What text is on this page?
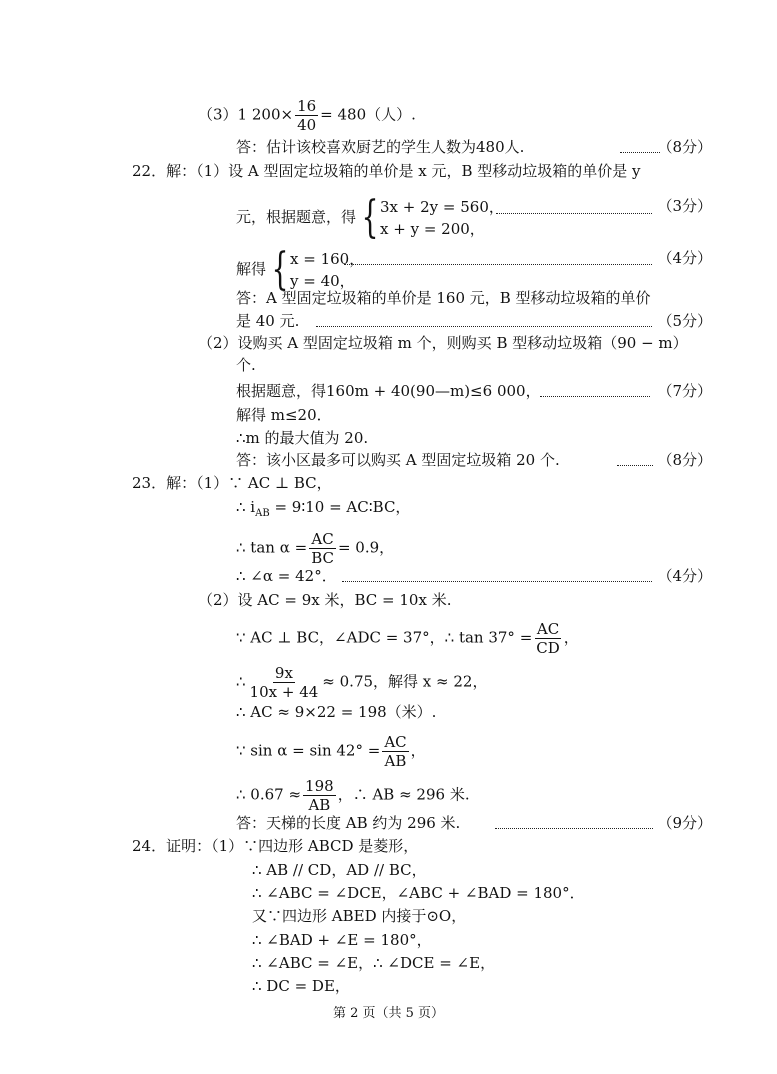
（3）1 $200\times \frac{16}{40} = 480$（人）.
答：估计该校喜欢厨艺的学生人数为480人.	（8分）
22．解：（1）设 A 型固定垃圾箱的单价是 x 元，B 型移动垃圾箱的单价是 y
元，根据题意，得 { 3x + 2y = 560，
x + y = 200，
（3分）
解得 { x = 160，
y = 40，
（4分）
答：A 型固定垃圾箱的单价是 160 元，B 型移动垃圾箱的单价
是 40 元.	（5分）
（2）设购买 A 型固定垃圾箱 m 个，则购买 B 型移动垃圾箱（90 − m）
个.
根据题意，得160m + 40(90—m)≤6 000，	（7分）
解得 m≤20．
∴m 的最大值为 20.
答：该小区最多可以购买 A 型固定垃圾箱 20 个.	（8分）
23．解：（1）∵ AC ⊥ BC，
∴ $i_{AB}$ = 9∶10 = AC∶BC，
∴ $\tan \alpha = \frac{AC}{BC} = 0.9$，
∴ ∠α = 42°．	（4分）
（2）设 AC = 9x 米，BC = 10x 米.
∵ AC ⊥ BC，∠ADC = 37°，∴ $\tan 37^\circ = \frac{AC}{CD}$ ，
∴ $\frac{9x}{10x + 44} \approx 0.75$，解得 x ≈ 22，
∴ AC ≈ 9×22 = 198（米）.
∵ $\sin \alpha = \sin 42^\circ = \frac{AC}{AB}$ ，
∴ $0.67 \approx \frac{198}{AB}$ ，∴ AB ≈ 296 米.
答：天梯的长度 AB 约为 296 米.	（9分）
24．证明：（1）∵四边形 ABCD 是菱形，
∴ AB // CD，AD // BC，
∴ ∠ABC = ∠DCE，∠ABC + ∠BAD = 180°．
又∵四边形 ABED 内接于⊙O，
∴ ∠BAD + ∠E = 180°，
∴ ∠ABC = ∠E，∴ ∠DCE = ∠E，
∴ DC = DE，
第 2 页（共 5 页）
